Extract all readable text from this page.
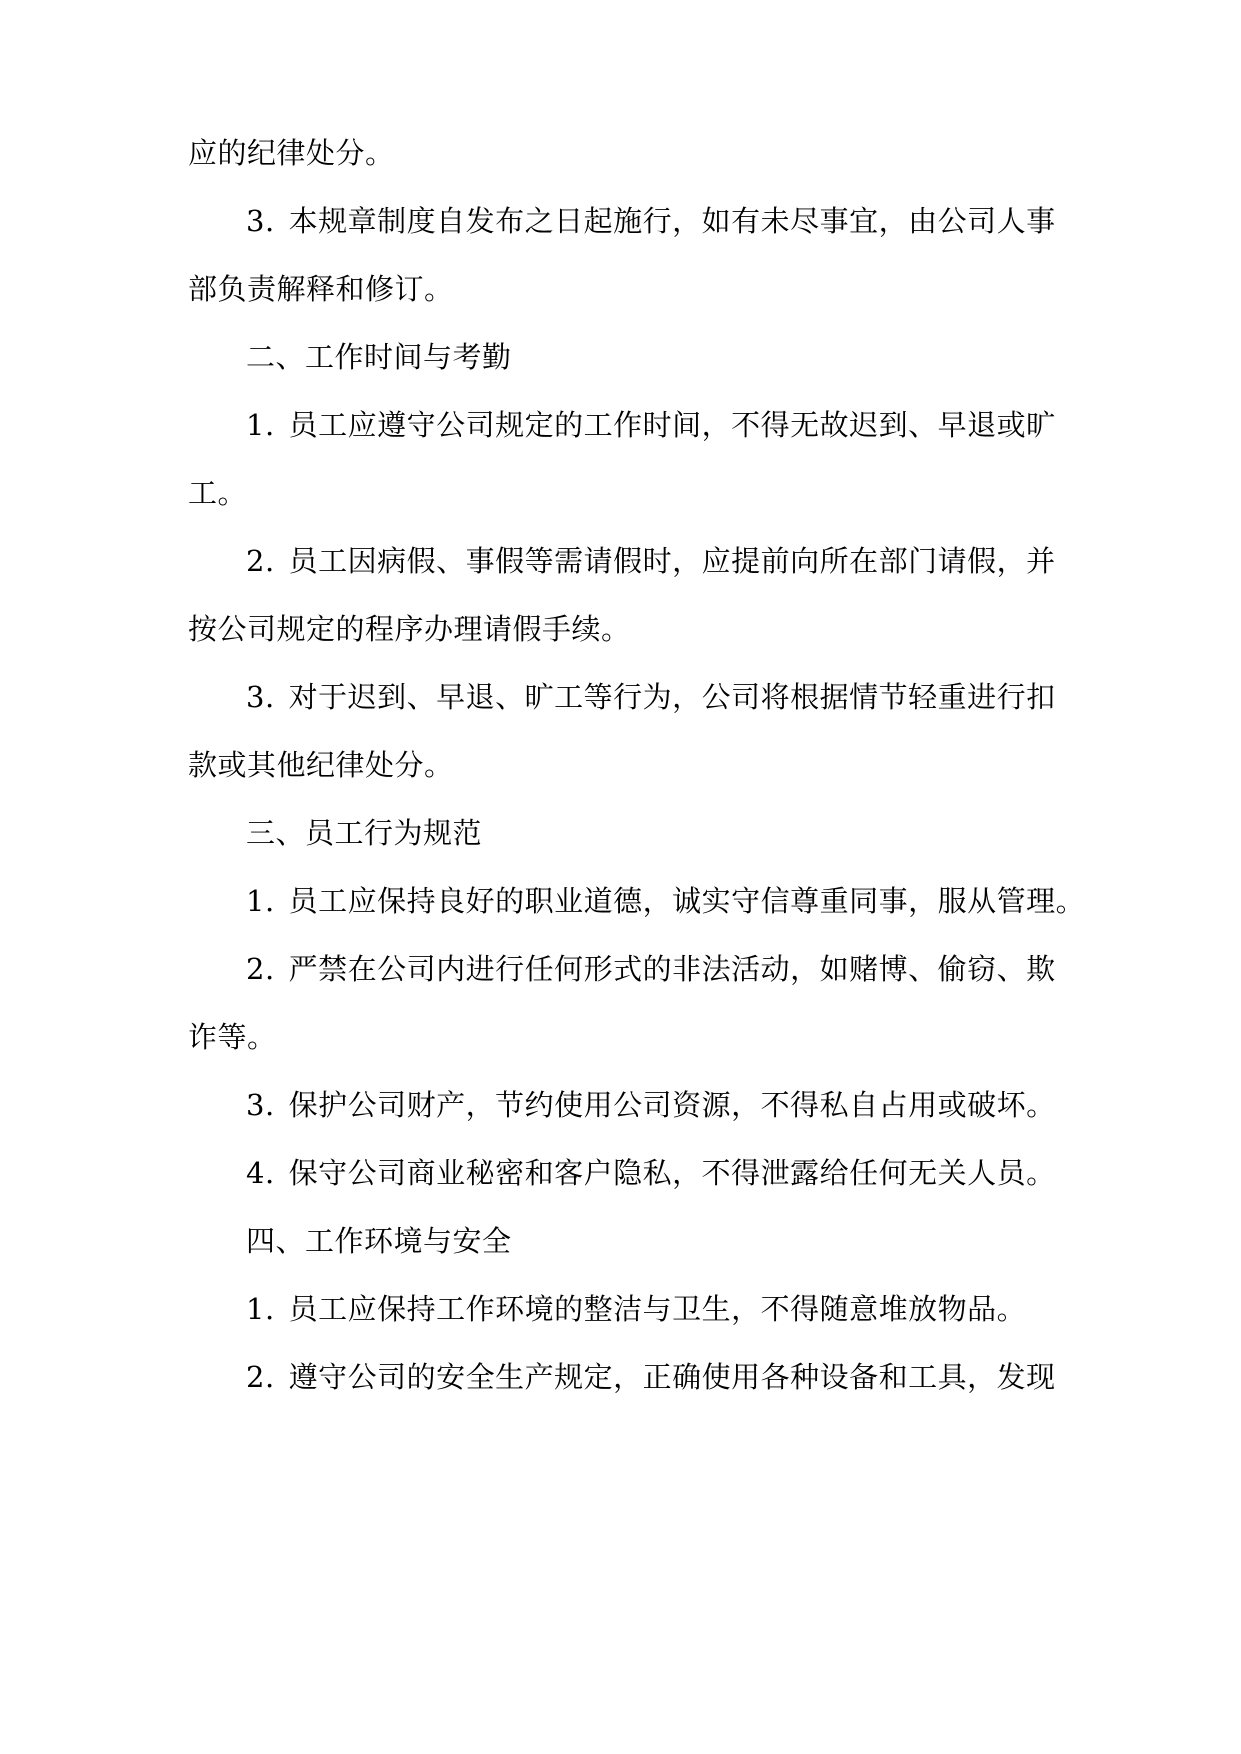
应的纪律处分。
3. 本规章制度自发布之日起施行，如有未尽事宜，由公司人事
部负责解释和修订。
二、工作时间与考勤
1. 员工应遵守公司规定的工作时间，不得无故迟到、早退或旷
工。
2. 员工因病假、事假等需请假时，应提前向所在部门请假，并
按公司规定的程序办理请假手续。
3. 对于迟到、早退、旷工等行为，公司将根据情节轻重进行扣
款或其他纪律处分。
三、员工行为规范
1. 员工应保持良好的职业道德，诚实守信尊重同事，服从管理。
2. 严禁在公司内进行任何形式的非法活动，如赌博、偷窃、欺
诈等。
3. 保护公司财产，节约使用公司资源，不得私自占用或破坏。
4. 保守公司商业秘密和客户隐私，不得泄露给任何无关人员。
四、工作环境与安全
1. 员工应保持工作环境的整洁与卫生，不得随意堆放物品。
2. 遵守公司的安全生产规定，正确使用各种设备和工具，发现
